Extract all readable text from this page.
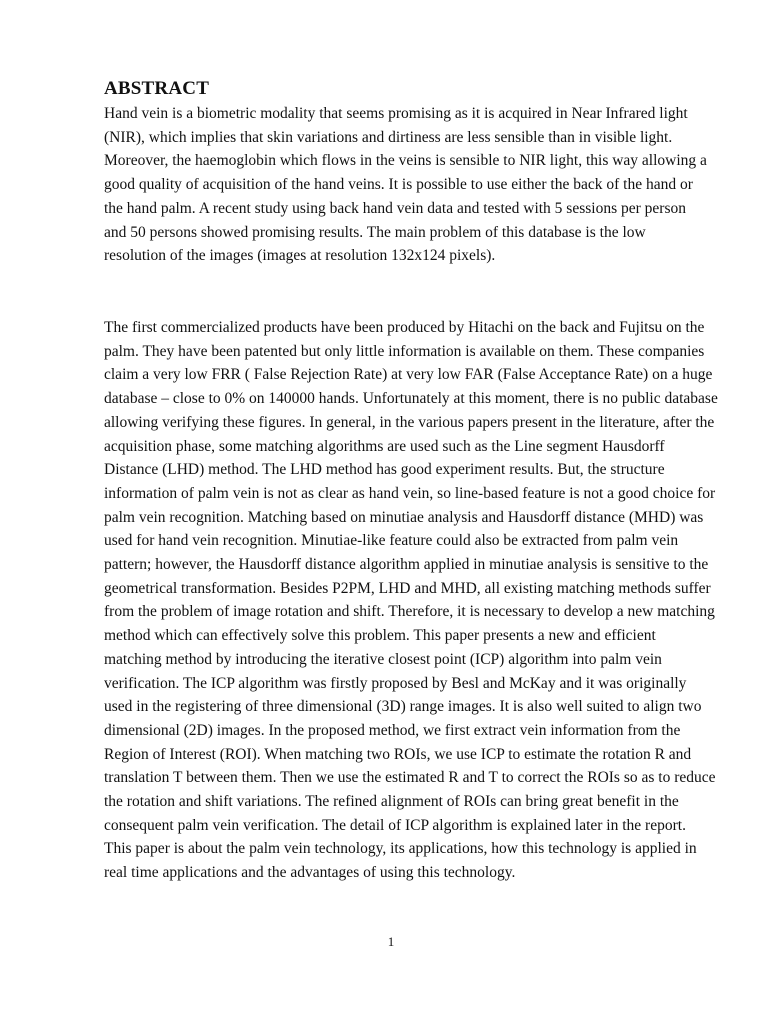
ABSTRACT

Hand vein is a biometric modality that seems promising as it is acquired in Near Infrared light
(NIR), which implies that skin variations and dirtiness are less sensible than in visible light.
Moreover, the haemoglobin which flows in the veins is sensible to NIR light, this way allowing a
good quality of acquisition of the hand veins. It is possible to use either the back of the hand or
the hand palm. A recent study using back hand vein data and tested with 5 sessions per person
and 50 persons showed promising results. The main problem of this database is the low
resolution of the images (images at resolution 132x124 pixels).

The first commercialized products have been produced by Hitachi on the back and Fujitsu on the
palm. They have been patented but only little information is available on them. These companies
claim a very low FRR ( False Rejection Rate) at very low FAR (False Acceptance Rate) on a huge
database – close to 0% on 140000 hands. Unfortunately at this moment, there is no public database
allowing verifying these figures. In general, in the various papers present in the literature, after the
acquisition phase, some matching algorithms are used such as the Line segment Hausdorff
Distance (LHD) method. The LHD method has good experiment results. But, the structure
information of palm vein is not as clear as hand vein, so line-based feature is not a good choice for
palm vein recognition. Matching based on minutiae analysis and Hausdorff distance (MHD) was
used for hand vein recognition. Minutiae-like feature could also be extracted from palm vein
pattern; however, the Hausdorff distance algorithm applied in minutiae analysis is sensitive to the
geometrical transformation. Besides P2PM, LHD and MHD, all existing matching methods suffer
from the problem of image rotation and shift. Therefore, it is necessary to develop a new matching
method which can effectively solve this problem. This paper presents a new and efficient
matching method by introducing the iterative closest point (ICP) algorithm into palm vein
verification. The ICP algorithm was firstly proposed by Besl and McKay and it was originally
used in the registering of three dimensional (3D) range images. It is also well suited to align two
dimensional (2D) images. In the proposed method, we first extract vein information from the
Region of Interest (ROI). When matching two ROIs, we use ICP to estimate the rotation R and
translation T between them. Then we use the estimated R and T to correct the ROIs so as to reduce
the rotation and shift variations. The refined alignment of ROIs can bring great benefit in the
consequent palm vein verification. The detail of ICP algorithm is explained later in the report.
This paper is about the palm vein technology, its applications, how this technology is applied in
real time applications and the advantages of using this technology.

1
